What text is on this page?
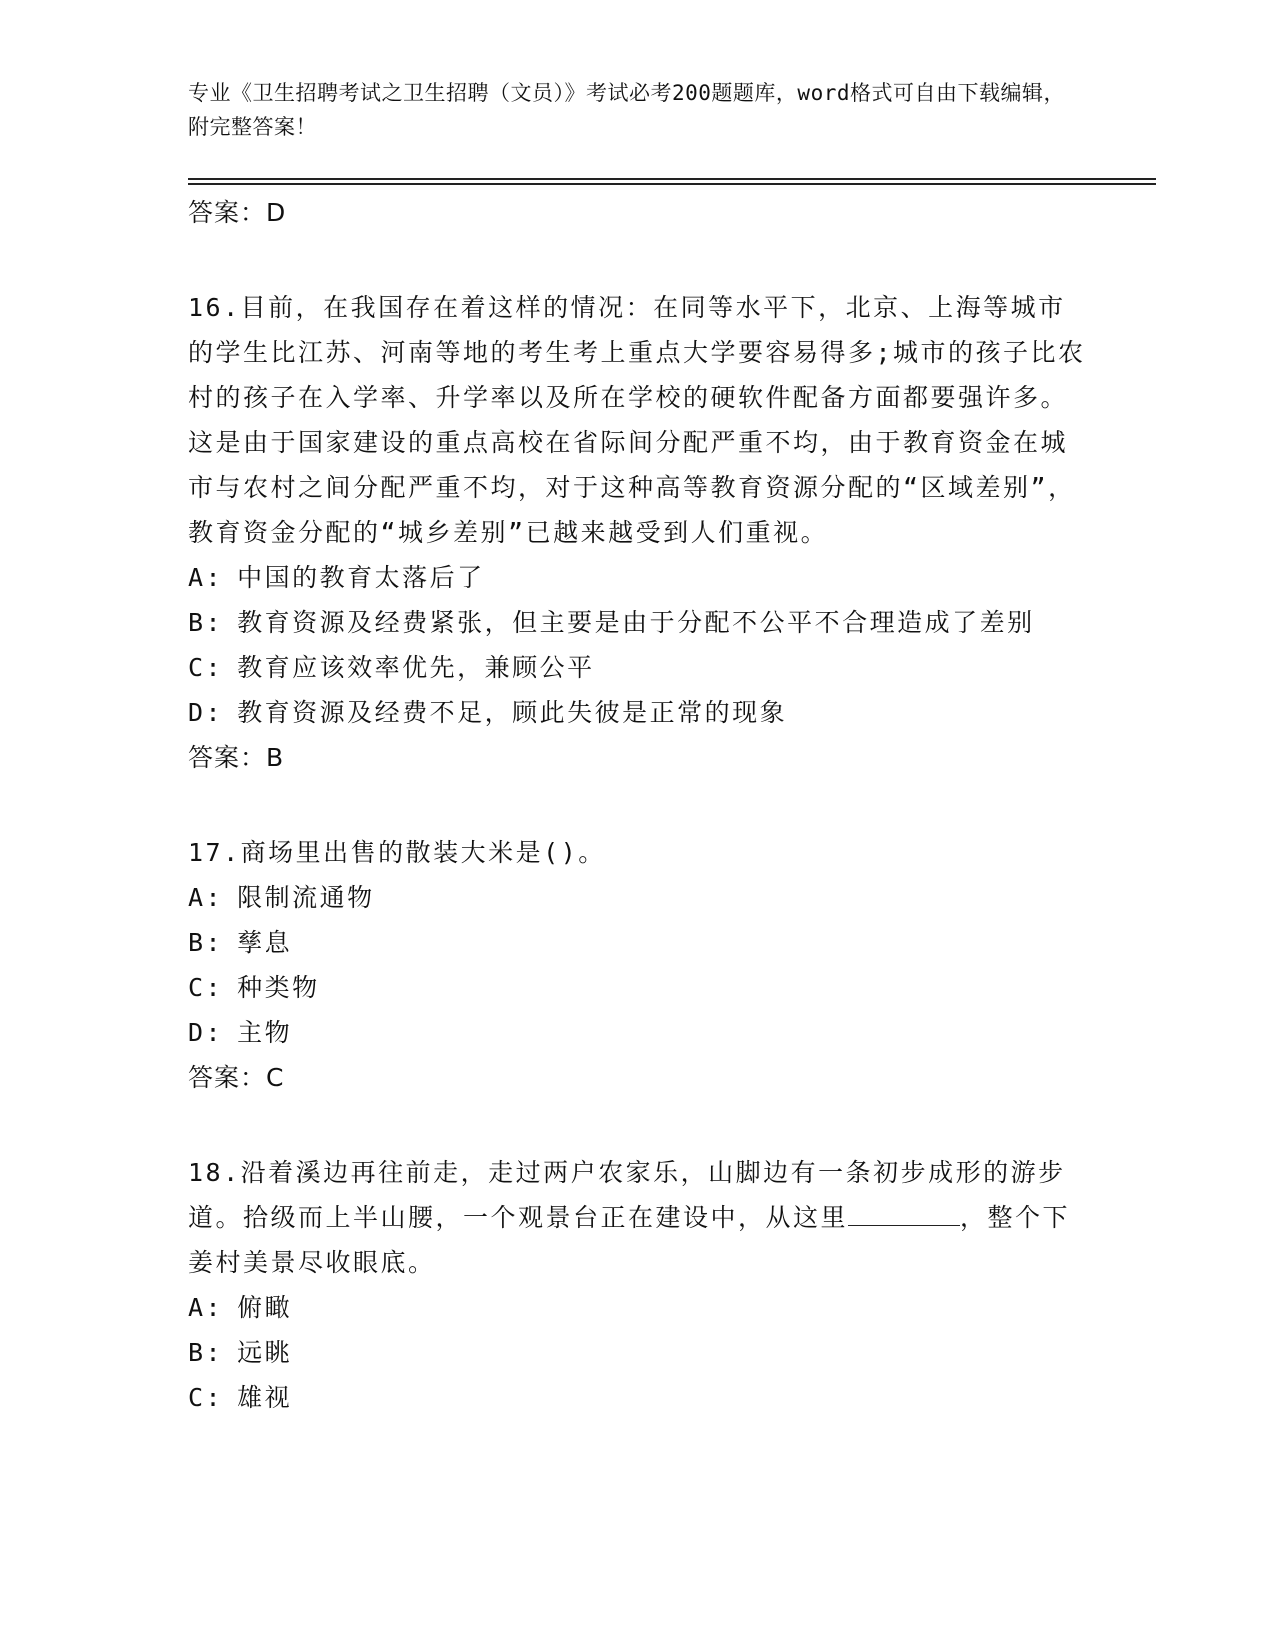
专业《卫生招聘考试之卫生招聘（文员）》考试必考200题题库，word格式可自由下载编辑，附完整答案！
答案：D
16.目前，在我国存在着这样的情况：在同等水平下，北京、上海等城市的学生比江苏、河南等地的考生考上重点大学要容易得多;城市的孩子比农村的孩子在入学率、升学率以及所在学校的硬软件配备方面都要强许多。这是由于国家建设的重点高校在省际间分配严重不均，由于教育资金在城市与农村之间分配严重不均，对于这种高等教育资源分配的“区域差别”，教育资金分配的“城乡差别”已越来越受到人们重视。
A: 中国的教育太落后了
B: 教育资源及经费紧张，但主要是由于分配不公平不合理造成了差别
C: 教育应该效率优先，兼顾公平
D: 教育资源及经费不足，顾此失彼是正常的现象
答案：B
17.商场里出售的散装大米是()。
A: 限制流通物
B: 孳息
C: 种类物
D: 主物
答案：C
18.沿着溪边再往前走，走过两户农家乐，山脚边有一条初步成形的游步道。拾级而上半山腰，一个观景台正在建设中，从这里	，整个下姜村美景尽收眼底。
A: 俯瞰
B: 远眺
C: 雄视
